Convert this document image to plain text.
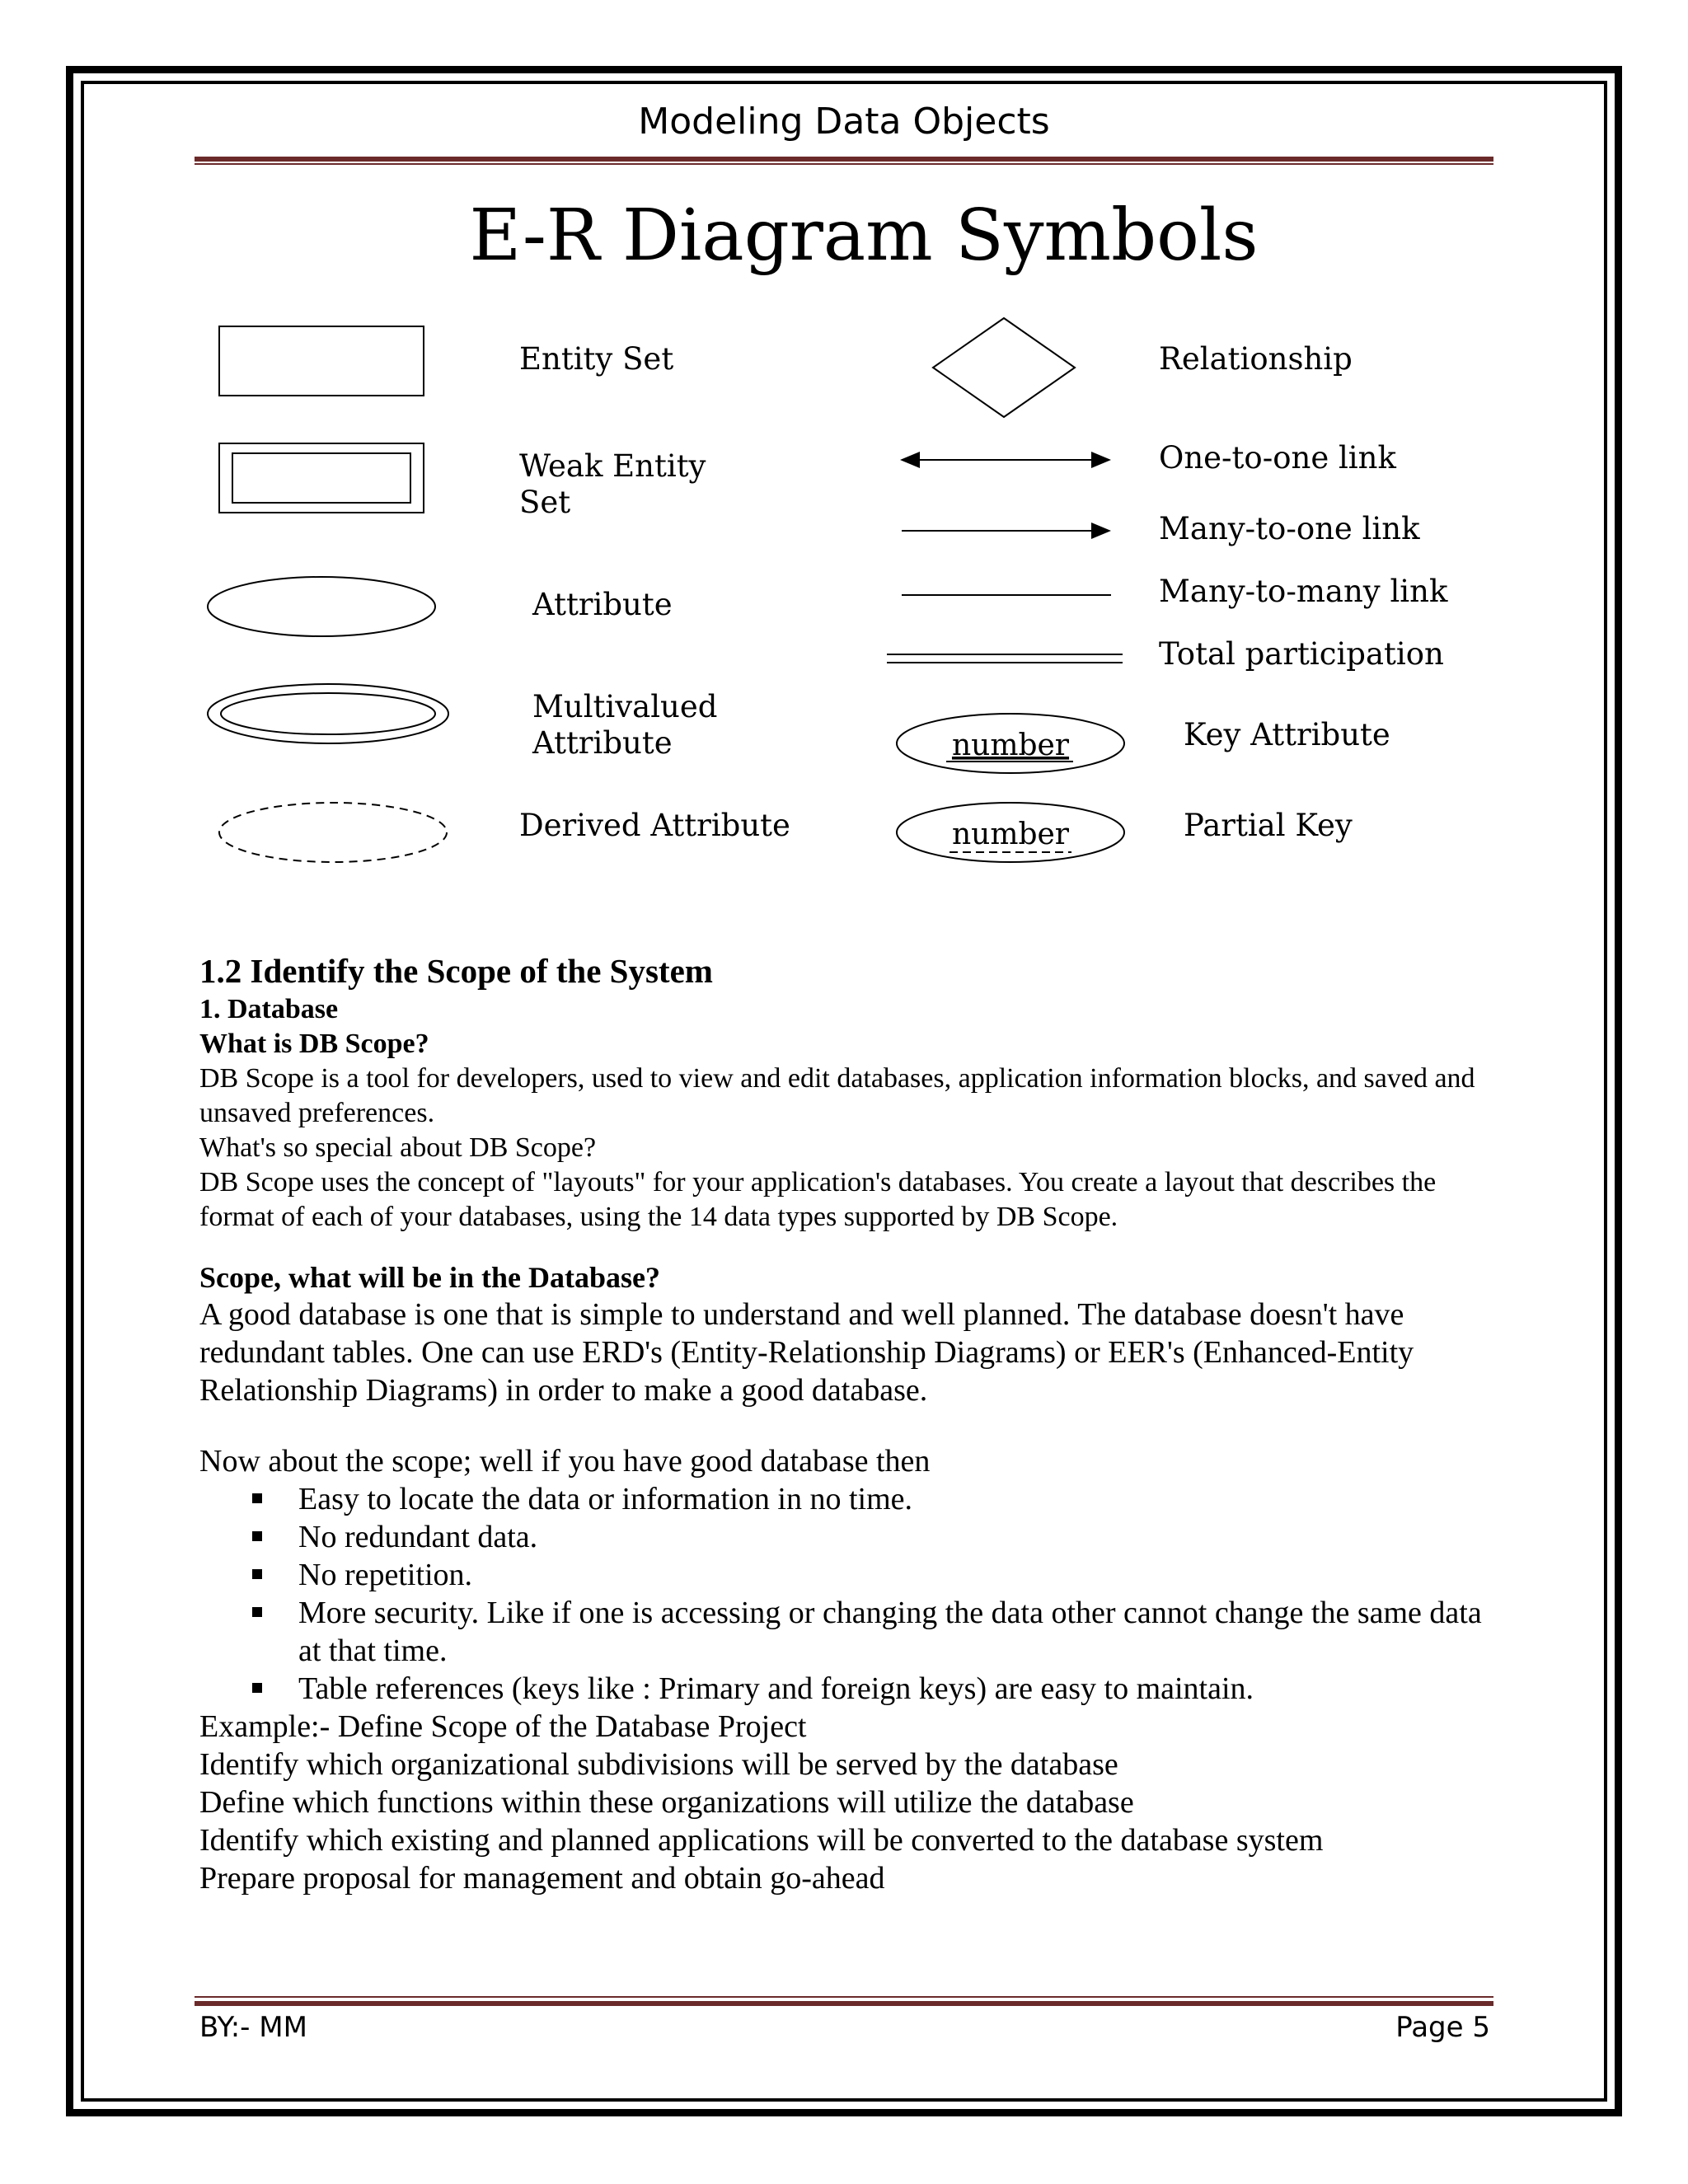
Modeling Data Objects
E-R Diagram Symbols
number
number
Entity Set
Weak Entity
Set
Attribute
Multivalued
Attribute
Derived Attribute
Relationship
One-to-one link
Many-to-one link
Many-to-many link
Total participation
Key Attribute
Partial Key

1.2 Identify the Scope of the System

1. Database

What is DB Scope?

DB Scope is a tool for developers, used to view and edit databases, application information blocks, and saved and unsaved preferences.

What's so special about DB Scope?

DB Scope uses the concept of "layouts" for your application's databases. You create a layout that describes the format of each of your databases, using the 14 data types supported by DB Scope.

Scope, what will be in the Database?

A good database is one that is simple to understand and well planned. The database doesn't have redundant tables. One can use ERD's (Entity-Relationship Diagrams) or EER's (Enhanced-Entity Relationship Diagrams) in order to make a good database.

Now about the scope; well if you have good database then

Easy to locate the data or information in no time.
No redundant data.
No repetition.
More security. Like if one is accessing or changing the data other cannot change the same data at that time.
Table references (keys like : Primary and foreign keys) are easy to maintain.

Example:- Define Scope of the Database Project

Identify which organizational subdivisions will be served by the database

Define which functions within these organizations will utilize the database

Identify which existing and planned applications will be converted to the database system

Prepare proposal for management and obtain go-ahead

BY:- MM	Page 5
